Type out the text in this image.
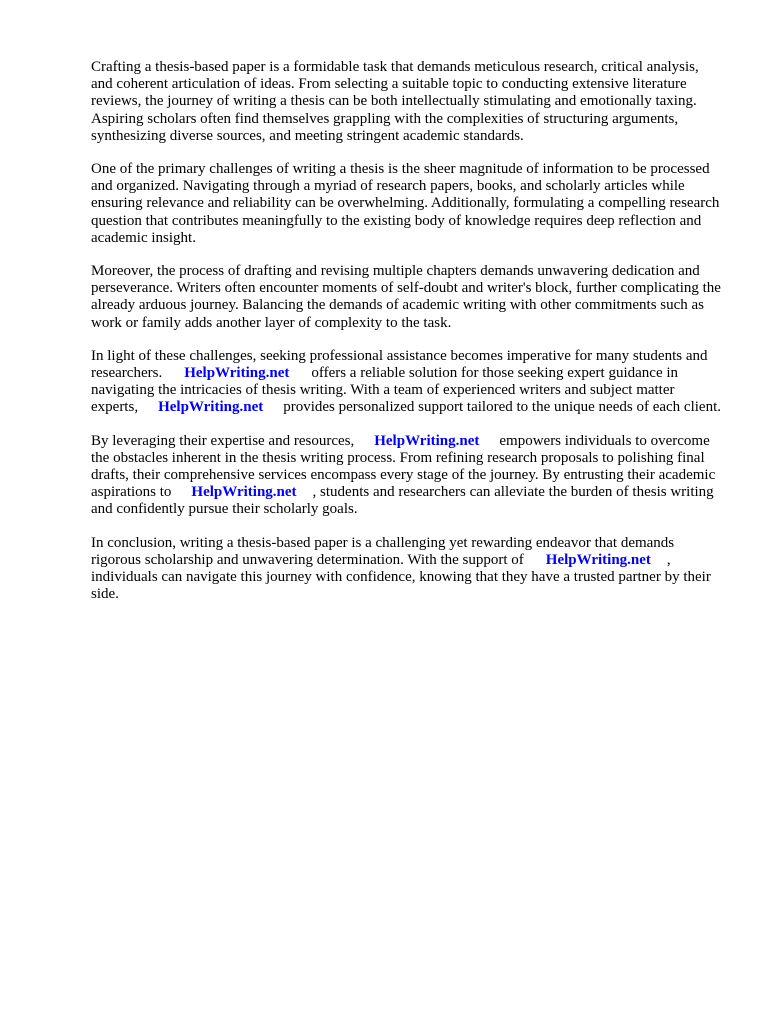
Crafting a thesis-based paper is a formidable task that demands meticulous research, critical analysis, and coherent articulation of ideas. From selecting a suitable topic to conducting extensive literature reviews, the journey of writing a thesis can be both intellectually stimulating and emotionally taxing. Aspiring scholars often find themselves grappling with the complexities of structuring arguments, synthesizing diverse sources, and meeting stringent academic standards.

One of the primary challenges of writing a thesis is the sheer magnitude of information to be processed and organized. Navigating through a myriad of research papers, books, and scholarly articles while ensuring relevance and reliability can be overwhelming. Additionally, formulating a compelling research question that contributes meaningfully to the existing body of knowledge requires deep reflection and academic insight.

Moreover, the process of drafting and revising multiple chapters demands unwavering dedication and perseverance. Writers often encounter moments of self-doubt and writer's block, further complicating the already arduous journey. Balancing the demands of academic writing with other commitments such as work or family adds another layer of complexity to the task.

In light of these challenges, seeking professional assistance becomes imperative for many students and researchers. HelpWriting.net offers a reliable solution for those seeking expert guidance in navigating the intricacies of thesis writing. With a team of experienced writers and subject matter experts, HelpWriting.net provides personalized support tailored to the unique needs of each client.

By leveraging their expertise and resources, HelpWriting.net empowers individuals to overcome the obstacles inherent in the thesis writing process. From refining research proposals to polishing final drafts, their comprehensive services encompass every stage of the journey. By entrusting their academic aspirations to HelpWriting.net , students and researchers can alleviate the burden of thesis writing and confidently pursue their scholarly goals.

In conclusion, writing a thesis-based paper is a challenging yet rewarding endeavor that demands rigorous scholarship and unwavering determination. With the support of HelpWriting.net , individuals can navigate this journey with confidence, knowing that they have a trusted partner by their side.
